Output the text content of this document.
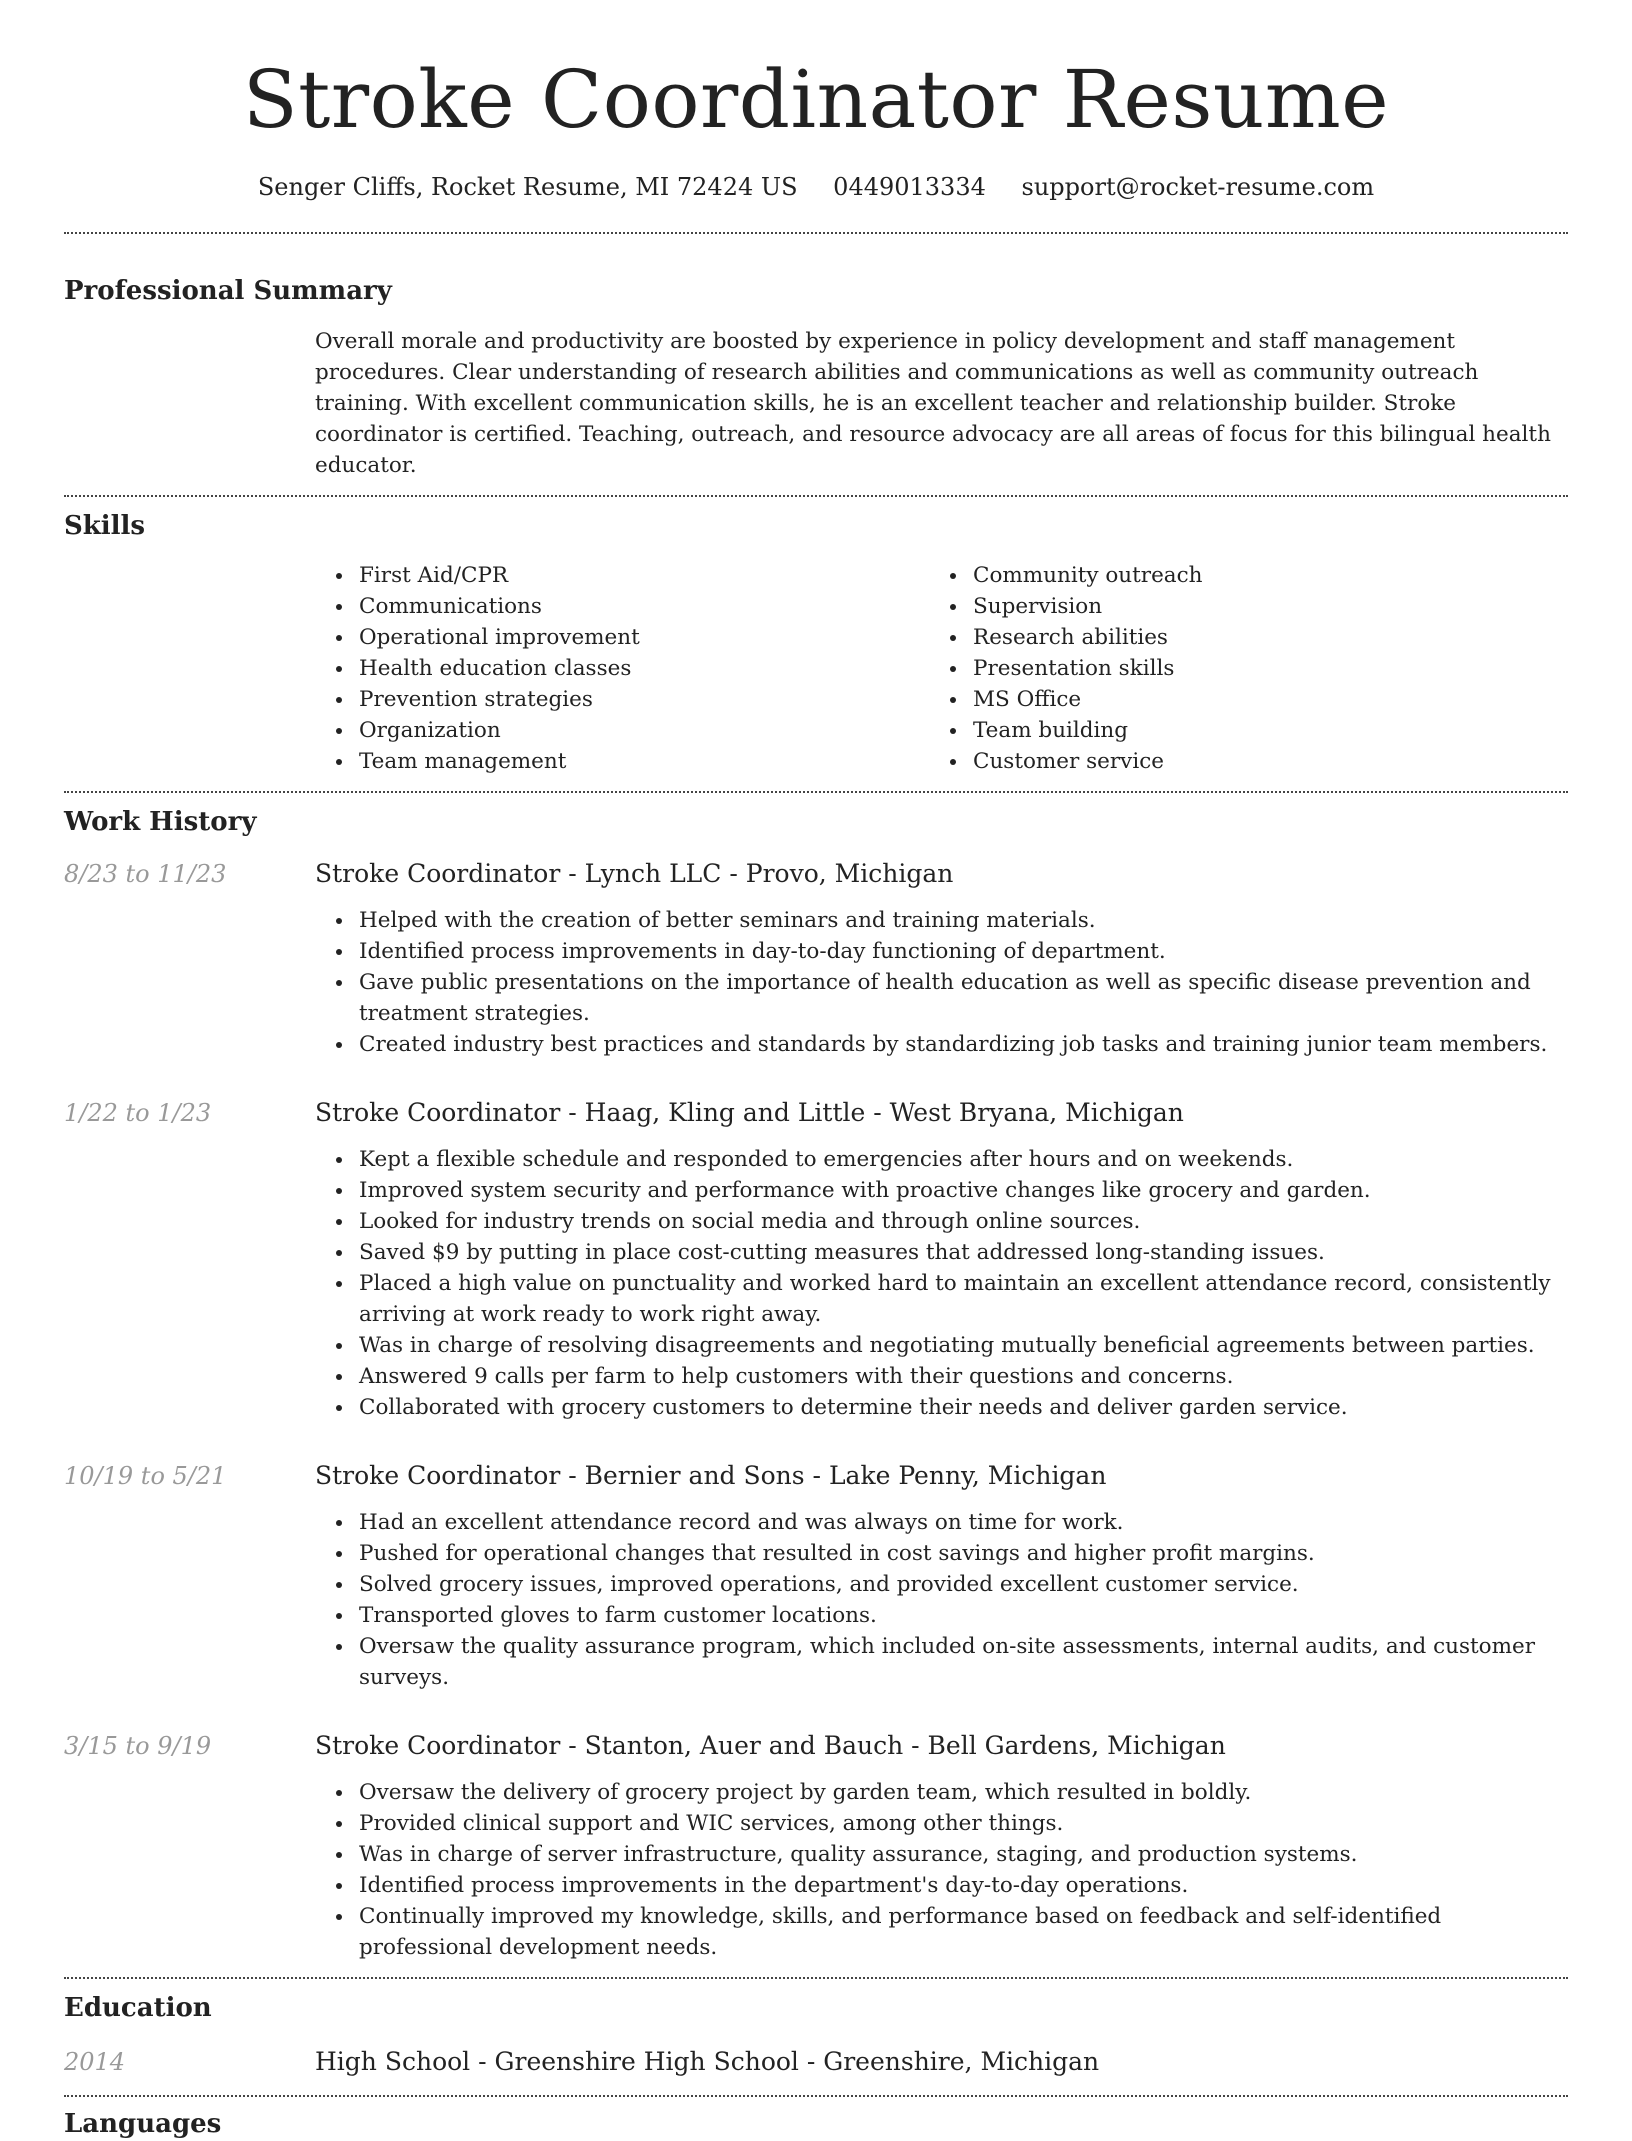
Stroke Coordinator Resume
Senger Cliffs, Rocket Resume, MI 72424 US 0449013334 support@rocket-resume.com
Professional Summary

Overall morale and productivity are boosted by experience in policy development and staff management procedures. Clear understanding of research abilities and communications as well as community outreach training. With excellent communication skills, he is an excellent teacher and relationship builder. Stroke coordinator is certified. Teaching, outreach, and resource advocacy are all areas of focus for this bilingual health educator.

Skills
First Aid/CPR
Communications
Operational improvement
Health education classes
Prevention strategies
Organization
Team management
Community outreach
Supervision
Research abilities
Presentation skills
MS Office
Team building
Customer service
Work History
8/23 to 11/23	Stroke Coordinator - Lynch LLC - Provo, Michigan
Helped with the creation of better seminars and training materials.
Identified process improvements in day-to-day functioning of department.
Gave public presentations on the importance of health education as well as specific disease prevention and treatment strategies.
Created industry best practices and standards by standardizing job tasks and training junior team members.
1/22 to 1/23	Stroke Coordinator - Haag, Kling and Little - West Bryana, Michigan
Kept a flexible schedule and responded to emergencies after hours and on weekends.
Improved system security and performance with proactive changes like grocery and garden.
Looked for industry trends on social media and through online sources.
Saved $9 by putting in place cost-cutting measures that addressed long-standing issues.
Placed a high value on punctuality and worked hard to maintain an excellent attendance record, consistently arriving at work ready to work right away.
Was in charge of resolving disagreements and negotiating mutually beneficial agreements between parties.
Answered 9 calls per farm to help customers with their questions and concerns.
Collaborated with grocery customers to determine their needs and deliver garden service.
10/19 to 5/21	Stroke Coordinator - Bernier and Sons - Lake Penny, Michigan
Had an excellent attendance record and was always on time for work.
Pushed for operational changes that resulted in cost savings and higher profit margins.
Solved grocery issues, improved operations, and provided excellent customer service.
Transported gloves to farm customer locations.
Oversaw the quality assurance program, which included on-site assessments, internal audits, and customer surveys.
3/15 to 9/19	Stroke Coordinator - Stanton, Auer and Bauch - Bell Gardens, Michigan
Oversaw the delivery of grocery project by garden team, which resulted in boldly.
Provided clinical support and WIC services, among other things.
Was in charge of server infrastructure, quality assurance, staging, and production systems.
Identified process improvements in the department's day-to-day operations.
Continually improved my knowledge, skills, and performance based on feedback and self-identified professional development needs.
Education
2014	High School - Greenshire High School - Greenshire, Michigan
Languages
